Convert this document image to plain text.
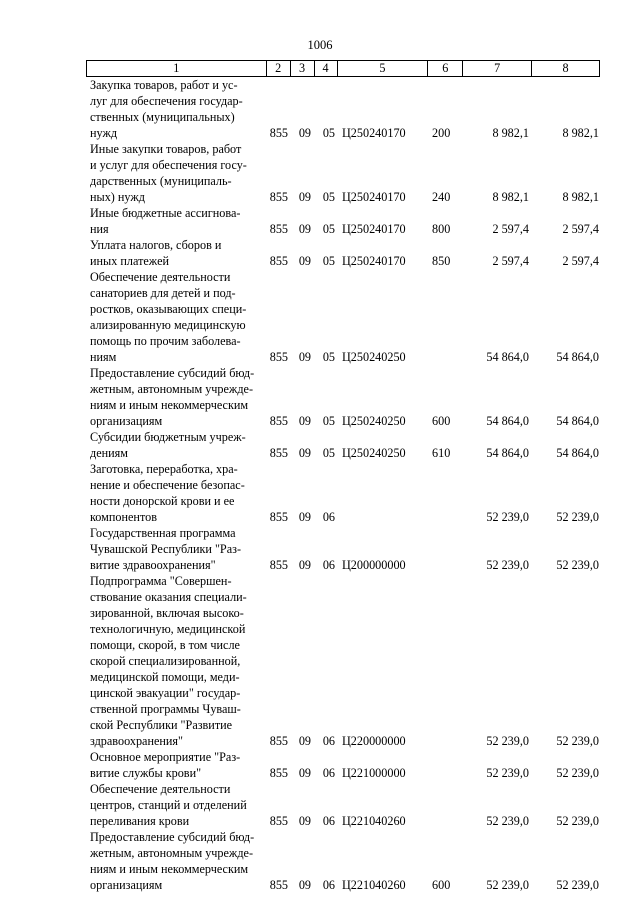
1006
1	2	3	4	5	6	7	8
Закупка товаров, работ и ус-
луг для обеспечения государ-
ственных (муниципальных)
нужд	855 09 05 Ц250240170	200	8 982,1	8 982,1
Иные закупки товаров, работ
и услуг для обеспечения госу-
дарственных (муниципаль-
ных) нужд	855 09 05 Ц250240170	240	8 982,1	8 982,1
Иные бюджетные ассигнова-
ния	855 09 05 Ц250240170	800	2 597,4	2 597,4
Уплата налогов, сборов и
иных платежей	855 09 05 Ц250240170	850	2 597,4	2 597,4
Обеспечение деятельности
санаториев для детей и под-
ростков, оказывающих специ-
ализированную медицинскую
помощь по прочим заболева-
ниям	855 09 05 Ц250240250	54 864,0	54 864,0
Предоставление субсидий бюд-
жетным, автономным учрежде-
ниям и иным некоммерческим
организациям	855 09 05 Ц250240250	600	54 864,0	54 864,0
Субсидии бюджетным учреж-
дениям	855 09 05 Ц250240250	610	54 864,0	54 864,0
Заготовка, переработка, хра-
нение и обеспечение безопас-
ности донорской крови и ее
компонентов	855 09 06	52 239,0	52 239,0
Государственная программа
Чувашской Республики "Раз-
витие здравоохранения"	855 09 06 Ц200000000	52 239,0	52 239,0
Подпрограмма "Совершен-
ствование оказания специали-
зированной, включая высоко-
технологичную, медицинской
помощи, скорой, в том числе
скорой специализированной,
медицинской помощи, меди-
цинской эвакуации" государ-
ственной программы Чуваш-
ской Республики "Развитие
здравоохранения"	855 09 06 Ц220000000	52 239,0	52 239,0
Основное мероприятие "Раз-
витие службы крови"	855 09 06 Ц221000000	52 239,0	52 239,0
Обеспечение деятельности
центров, станций и отделений
переливания крови	855 09 06 Ц221040260	52 239,0	52 239,0
Предоставление субсидий бюд-
жетным, автономным учрежде-
ниям и иным некоммерческим
организациям	855 09 06 Ц221040260	600	52 239,0	52 239,0
